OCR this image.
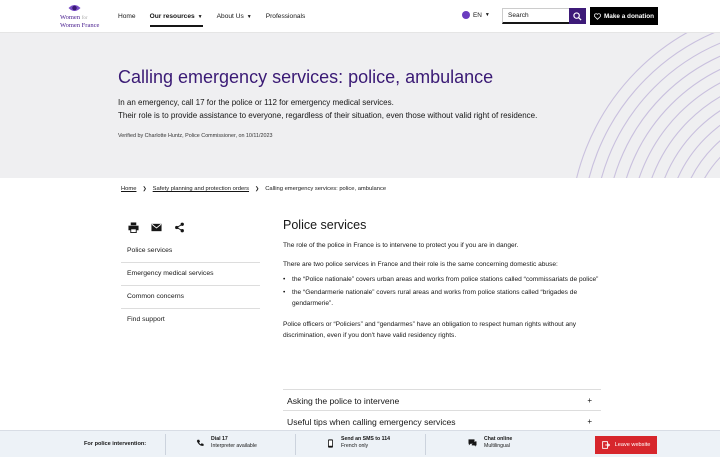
Women for
Women France
Home Our resources ▼ About Us ▼ Professionals	EN ▼	Search	Make a donation
Calling emergency services: police, ambulance
In an emergency, call 17 for the police or 112 for emergency medical services.
Their role is to provide assistance to everyone, regardless of their situation, even those without valid right of residence.
Verified by Charlotte Huntz, Police Commissioner, on 10/11/2023
Home ❯ Safety planning and protection orders ❯ Calling emergency services: police, ambulance
Police services
Emergency medical services
Common concerns
Find support
Police services

The role of the police in France is to intervene to protect you if you are in danger.

There are two police services in France and their role is the same concerning domestic abuse:

• the “Police nationale” covers urban areas and works from police stations called “commissariats de police”
• the “Gendarmerie nationale” covers rural areas and works from police stations called “brigades de gendarmerie”.

Police officers or “Policiers” and “gendarmes” have an obligation to respect human rights without any discrimination, even if you don't have valid residency rights.

Asking the police to intervene	+
Useful tips when calling emergency services	+
For police intervention:
Dial 17
Interpreter available
Send an SMS to 114
French only
Chat online
Multilingual	Leave website
